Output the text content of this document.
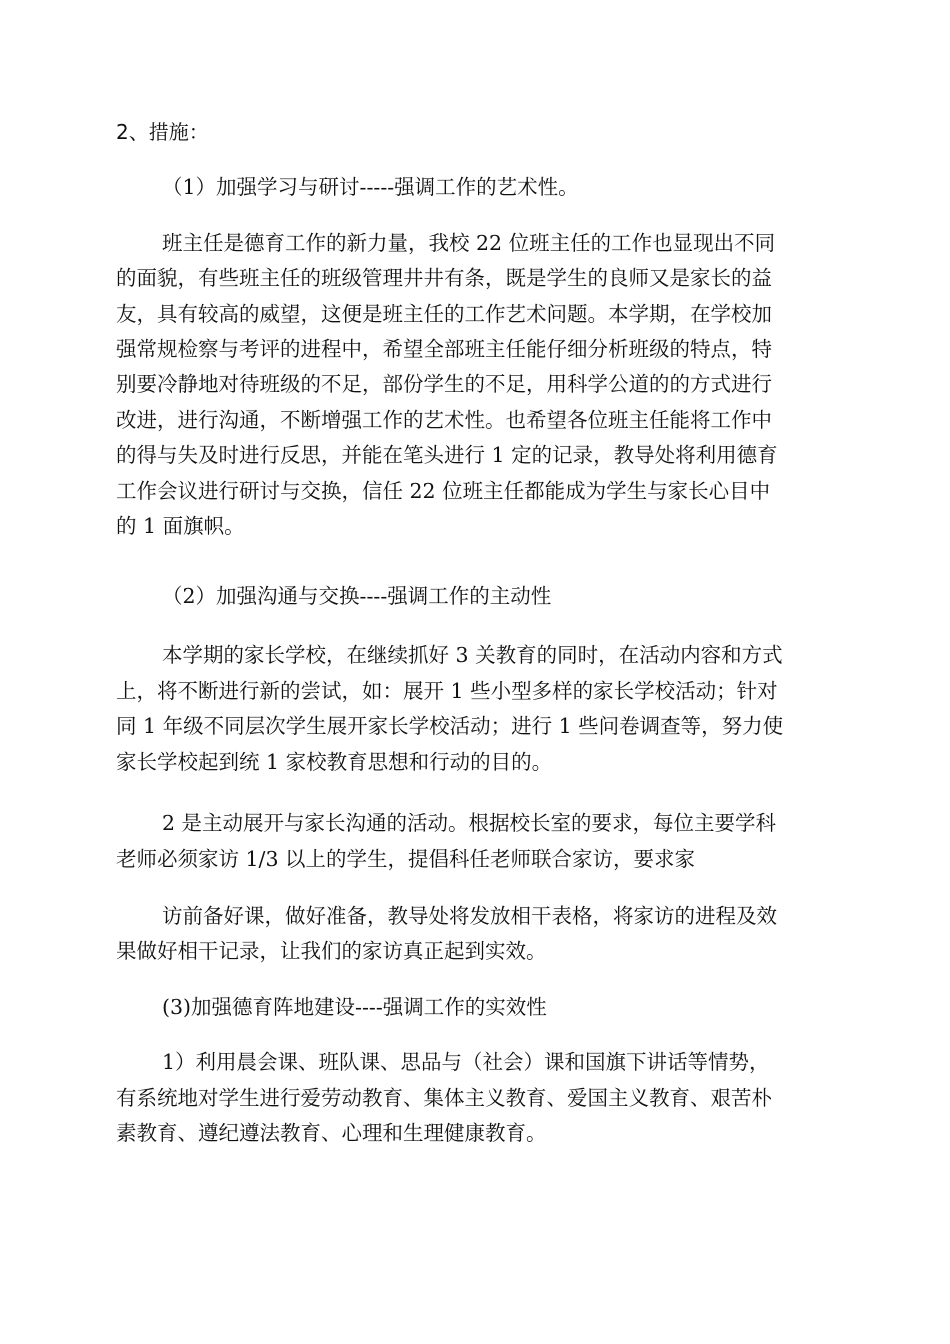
2、措施：
（1）加强学习与研讨-----强调工作的艺术性。
班主任是德育工作的新力量，我校 22 位班主任的工作也显现出不同
的面貌，有些班主任的班级管理井井有条，既是学生的良师又是家长的益
友，具有较高的威望，这便是班主任的工作艺术问题。本学期，在学校加
强常规检察与考评的进程中，希望全部班主任能仔细分析班级的特点，特
别要冷静地对待班级的不足，部份学生的不足，用科学公道的的方式进行
改进，进行沟通，不断增强工作的艺术性。也希望各位班主任能将工作中
的得与失及时进行反思，并能在笔头进行 1 定的记录，教导处将利用德育
工作会议进行研讨与交换，信任 22 位班主任都能成为学生与家长心目中
的 1 面旗帜。
（2）加强沟通与交换----强调工作的主动性
本学期的家长学校，在继续抓好 3 关教育的同时，在活动内容和方式
上，将不断进行新的尝试，如：展开 1 些小型多样的家长学校活动；针对
同 1 年级不同层次学生展开家长学校活动；进行 1 些问卷调查等，努力使
家长学校起到统 1 家校教育思想和行动的目的。
2 是主动展开与家长沟通的活动。根据校长室的要求，每位主要学科
老师必须家访 1/3 以上的学生，提倡科任老师联合家访，要求家
访前备好课，做好准备，教导处将发放相干表格，将家访的进程及效
果做好相干记录，让我们的家访真正起到实效。
(3)加强德育阵地建设----强调工作的实效性
1）利用晨会课、班队课、思品与（社会）课和国旗下讲话等情势，
有系统地对学生进行爱劳动教育、集体主义教育、爱国主义教育、艰苦朴
素教育、遵纪遵法教育、心理和生理健康教育。
